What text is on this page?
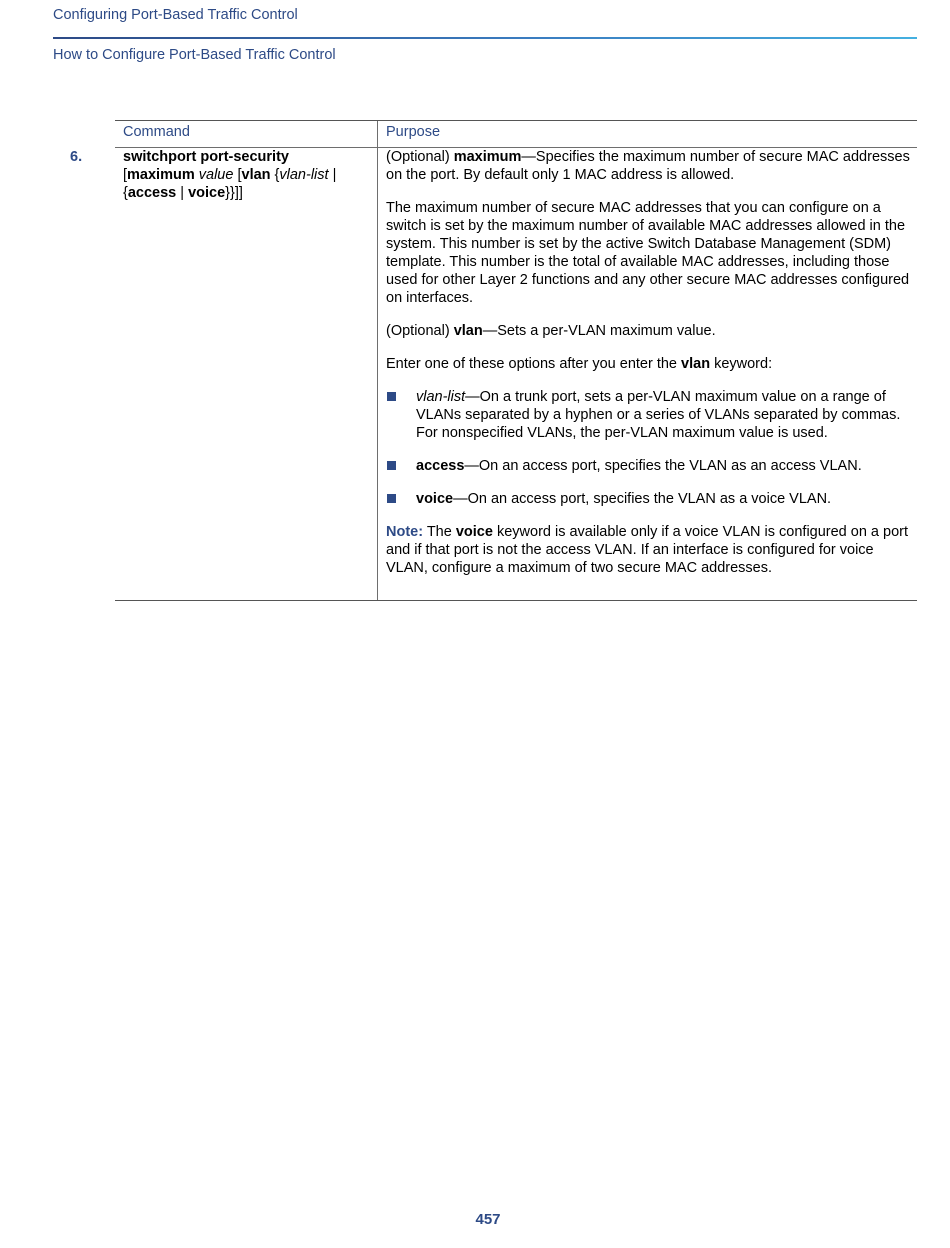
Configuring Port-Based Traffic Control
How to Configure Port-Based Traffic Control
Command	Purpose
6.	switchport port-security
[maximum value [vlan {vlan-list | {access | voice}}]]

(Optional) maximum—Specifies the maximum number of secure MAC addresses on the port. By default only 1 MAC address is allowed.

The maximum number of secure MAC addresses that you can configure on a switch is set by the maximum number of available MAC addresses allowed in the system. This number is set by the active Switch Database Management (SDM) template. This number is the total of available MAC addresses, including those used for other Layer 2 functions and any other secure MAC addresses configured on interfaces.

(Optional) vlan—Sets a per-VLAN maximum value.

Enter one of these options after you enter the vlan keyword:

vlan-list—On a trunk port, sets a per-VLAN maximum value on a range of VLANs separated by a hyphen or a series of VLANs separated by commas. For nonspecified VLANs, the per-VLAN maximum value is used.
access—On an access port, specifies the VLAN as an access VLAN.
voice—On an access port, specifies the VLAN as a voice VLAN.

Note: The voice keyword is available only if a voice VLAN is configured on a port and if that port is not the access VLAN. If an interface is configured for voice VLAN, configure a maximum of two secure MAC addresses.

457
